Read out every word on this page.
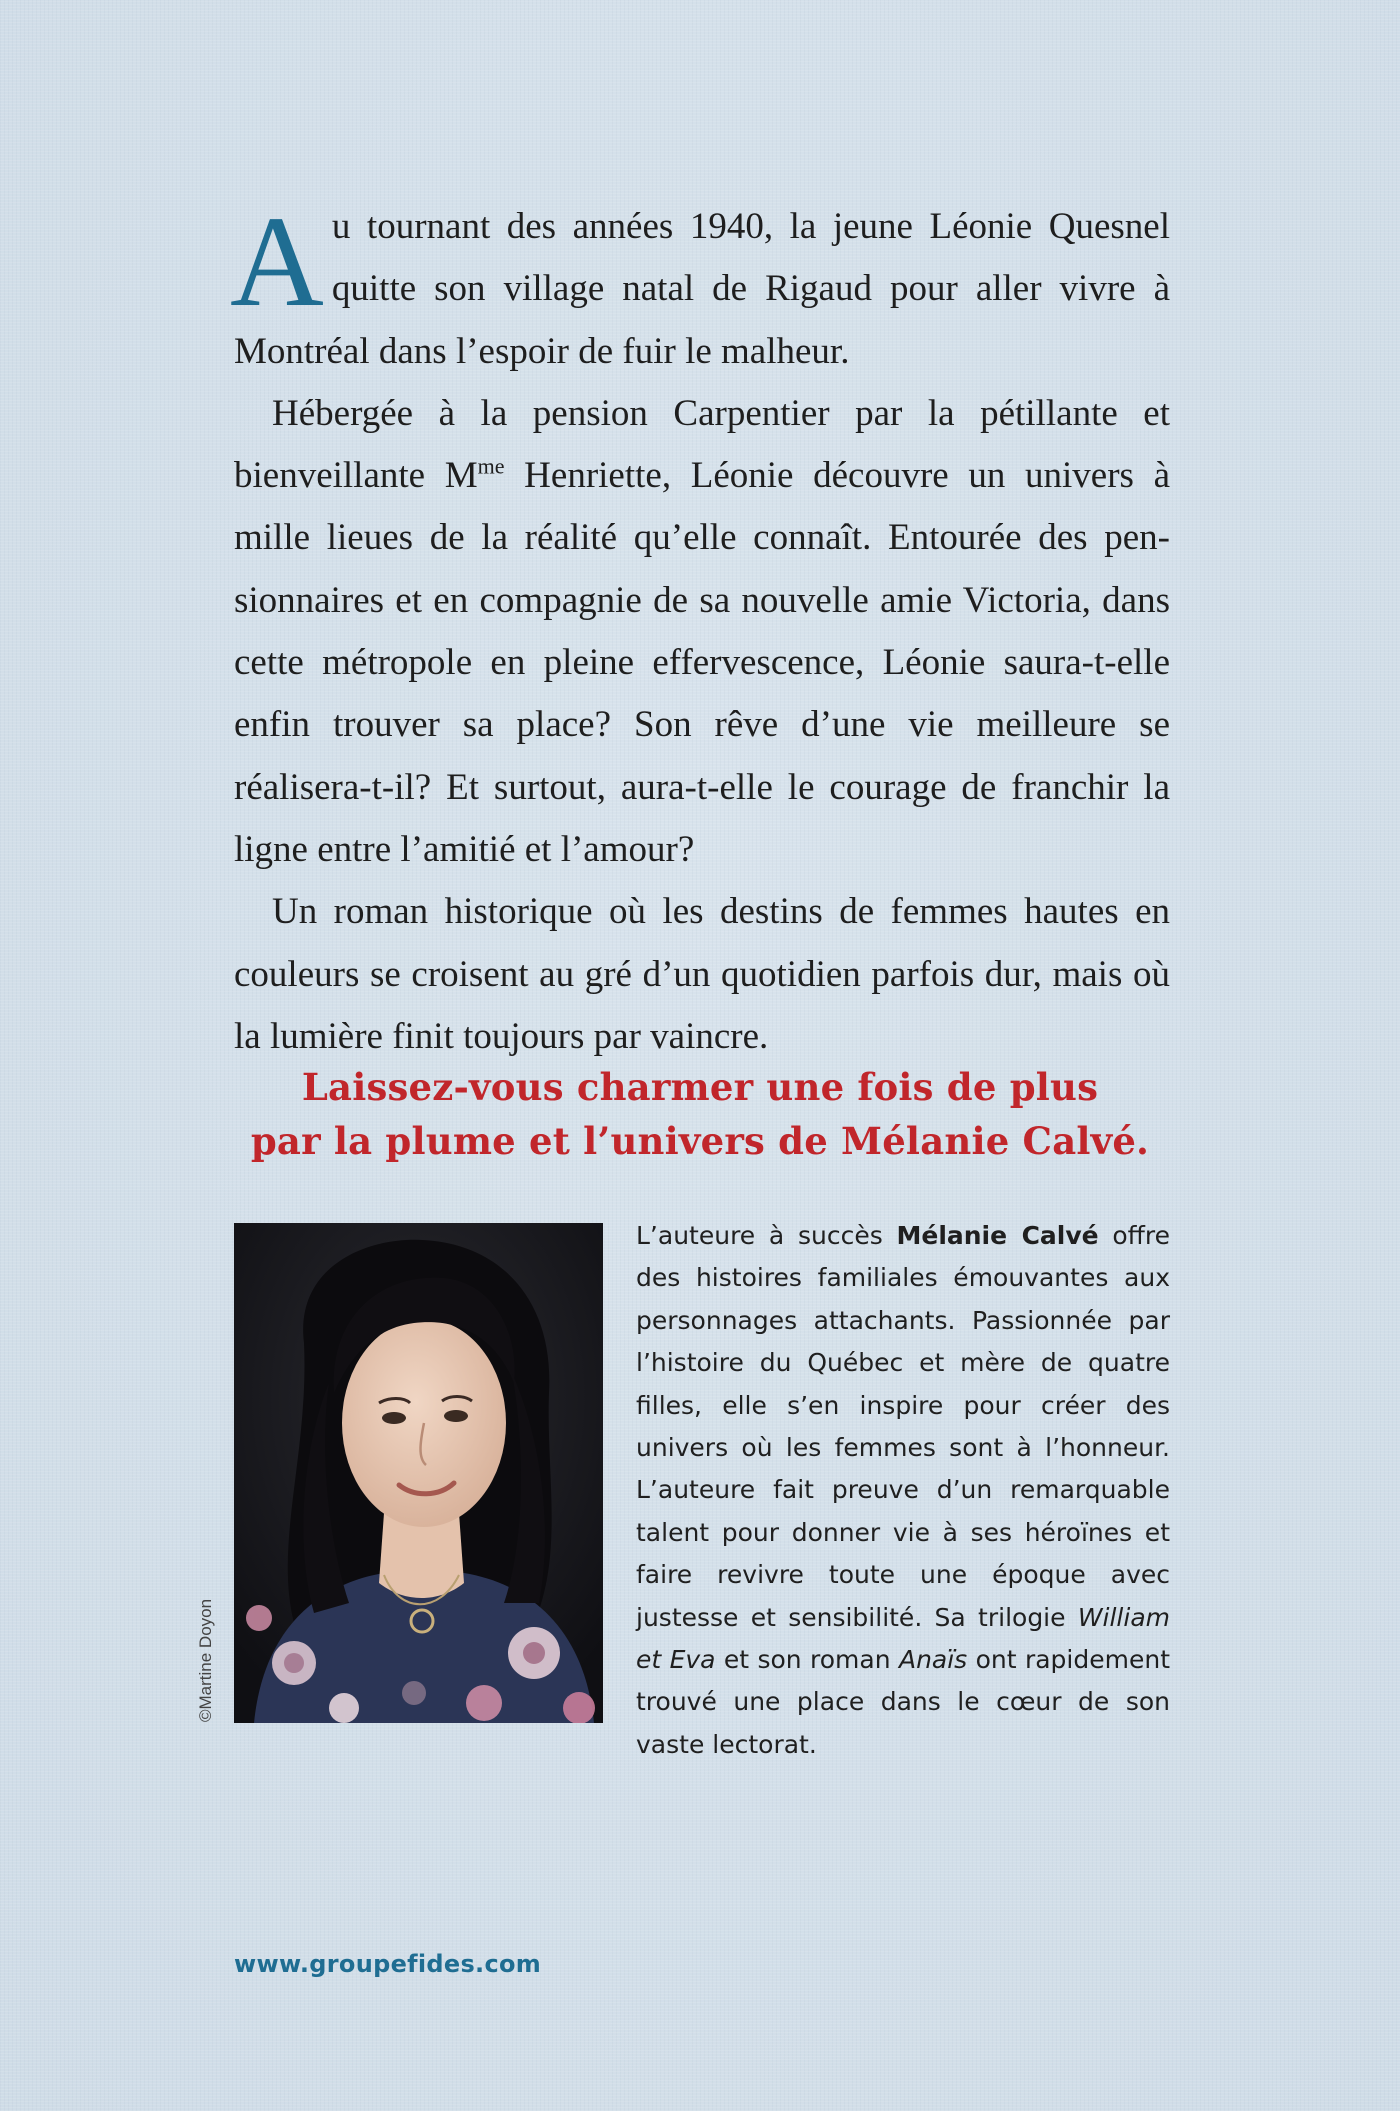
Au tournant des années 1940, la jeune Léonie Quesnel quitte son village natal de Rigaud pour aller vivre à Montréal dans l’espoir de fuir le malheur.

Hébergée à la pension Carpentier par la pétillante et bienveillante $M^{me}$ Henriette, Léonie découvre un univers à mille lieues de la réalité qu’elle connaît. Entourée des pensionnaires et en compagnie de sa nouvelle amie Victoria, dans cette métropole en pleine effervescence, Léonie saura-t-elle enfin trouver sa place? Son rêve d’une vie meilleure se réalisera-t-il? Et surtout, aura-t-elle le courage de franchir la ligne entre l’amitié et l’amour?

Un roman historique où les destins de femmes hautes en couleurs se croisent au gré d’un quotidien parfois dur, mais où la lumière finit toujours par vaincre.

Laissez-vous charmer une fois de plus
par la plume et l’univers de Mélanie Calvé.
©Martine Doyon

L’auteure à succès Mélanie Calvé offre des histoires familiales émouvantes aux personnages attachants. Passionnée par l’histoire du Québec et mère de quatre filles, elle s’en inspire pour créer des univers où les femmes sont à l’honneur. L’auteure fait preuve d’un remarquable talent pour donner vie à ses héroïnes et faire revivre toute une époque avec justesse et sensibilité. Sa trilogie William et Eva et son roman Anaïs ont rapidement trouvé une place dans le cœur de son vaste lectorat.

www.groupefides.com
